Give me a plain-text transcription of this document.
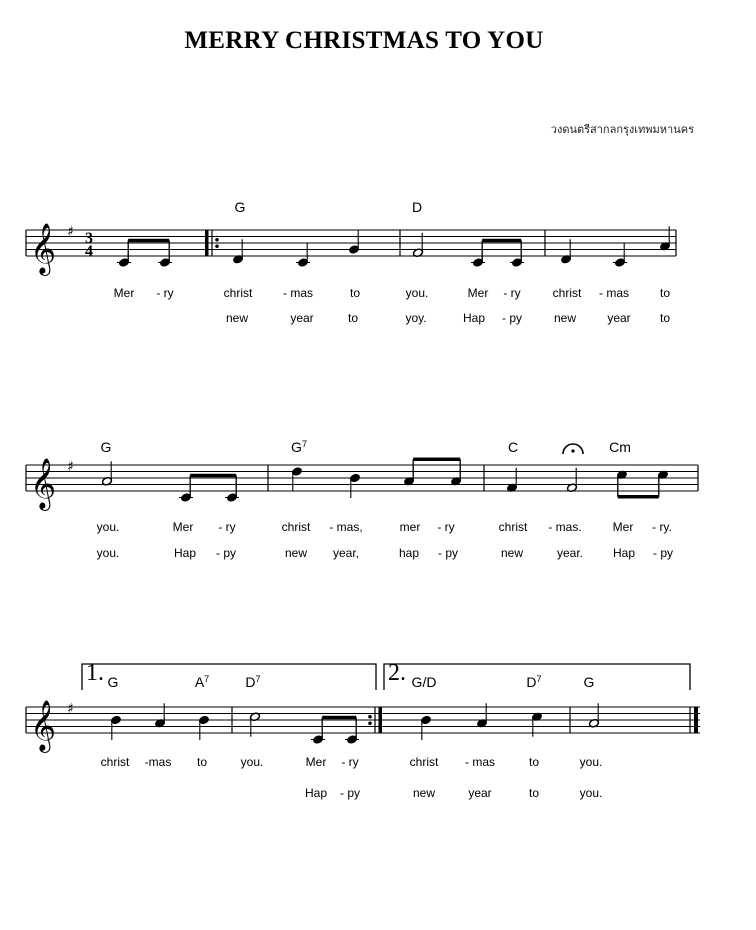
MERRY CHRISTMAS TO YOU
วงดนตรีสากลกรุงเทพมหานคร
𝄞 ♯ 3
4
𝄞 ♯
𝄞 ♯
G	D
Mer - ry	christ	- mas	to	you.	Mer - ry	christ - mas	to
new	year	to	yoy.	Hap - py	new	year to
G	$G^7$	C	Cm
you.	Mer - ry	christ - mas,	mer - ry	christ - mas.	Mer - ry.
you.	Hap - py	new year,	hap - py	new	year. Hap - py
1.	2.
G	$A^7$	$D^7$	G/D	$D^7$	G
christ -mas to	you.	Mer - ry	christ - mas	to	you.
Hap - py	new	year	to	you.
